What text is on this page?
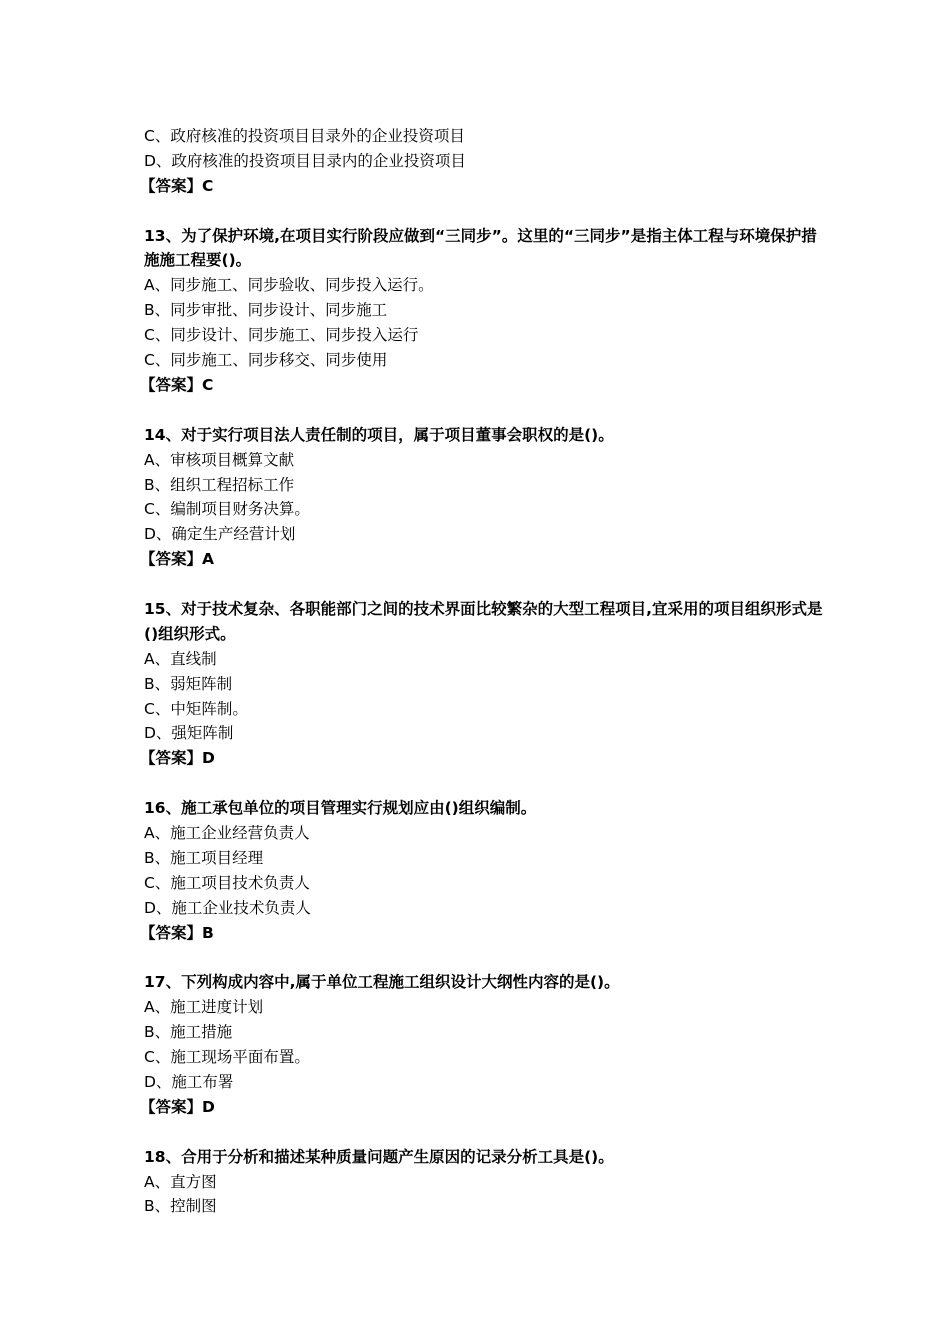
C、政府核准的投资项目目录外的企业投资项目
D、政府核准的投资项目目录内的企业投资项目
【答案】C
13、为了保护环境,在项目实行阶段应做到“三同步”。这里的“三同步”是指主体工程与环境保护措施施工程要()。
A、同步施工、同步验收、同步投入运行。
B、同步审批、同步设计、同步施工
C、同步设计、同步施工、同步投入运行
C、同步施工、同步移交、同步使用
【答案】C
14、对于实行项目法人责任制的项目，属于项目董事会职权的是()。
A、审核项目概算文献
B、组织工程招标工作
C、编制项目财务决算。
D、确定生产经营计划
【答案】A
15、对于技术复杂、各职能部门之间的技术界面比较繁杂的大型工程项目,宜采用的项目组织形式是()组织形式。
A、直线制
B、弱矩阵制
C、中矩阵制。
D、强矩阵制
【答案】D
16、施工承包单位的项目管理实行规划应由()组织编制。
A、施工企业经营负责人
B、施工项目经理
C、施工项目技术负责人
D、施工企业技术负责人
【答案】B
17、下列构成内容中,属于单位工程施工组织设计大纲性内容的是()。
A、施工进度计划
B、施工措施
C、施工现场平面布置。
D、施工布署
【答案】D
18、合用于分析和描述某种质量问题产生原因的记录分析工具是()。
A、直方图
B、控制图
